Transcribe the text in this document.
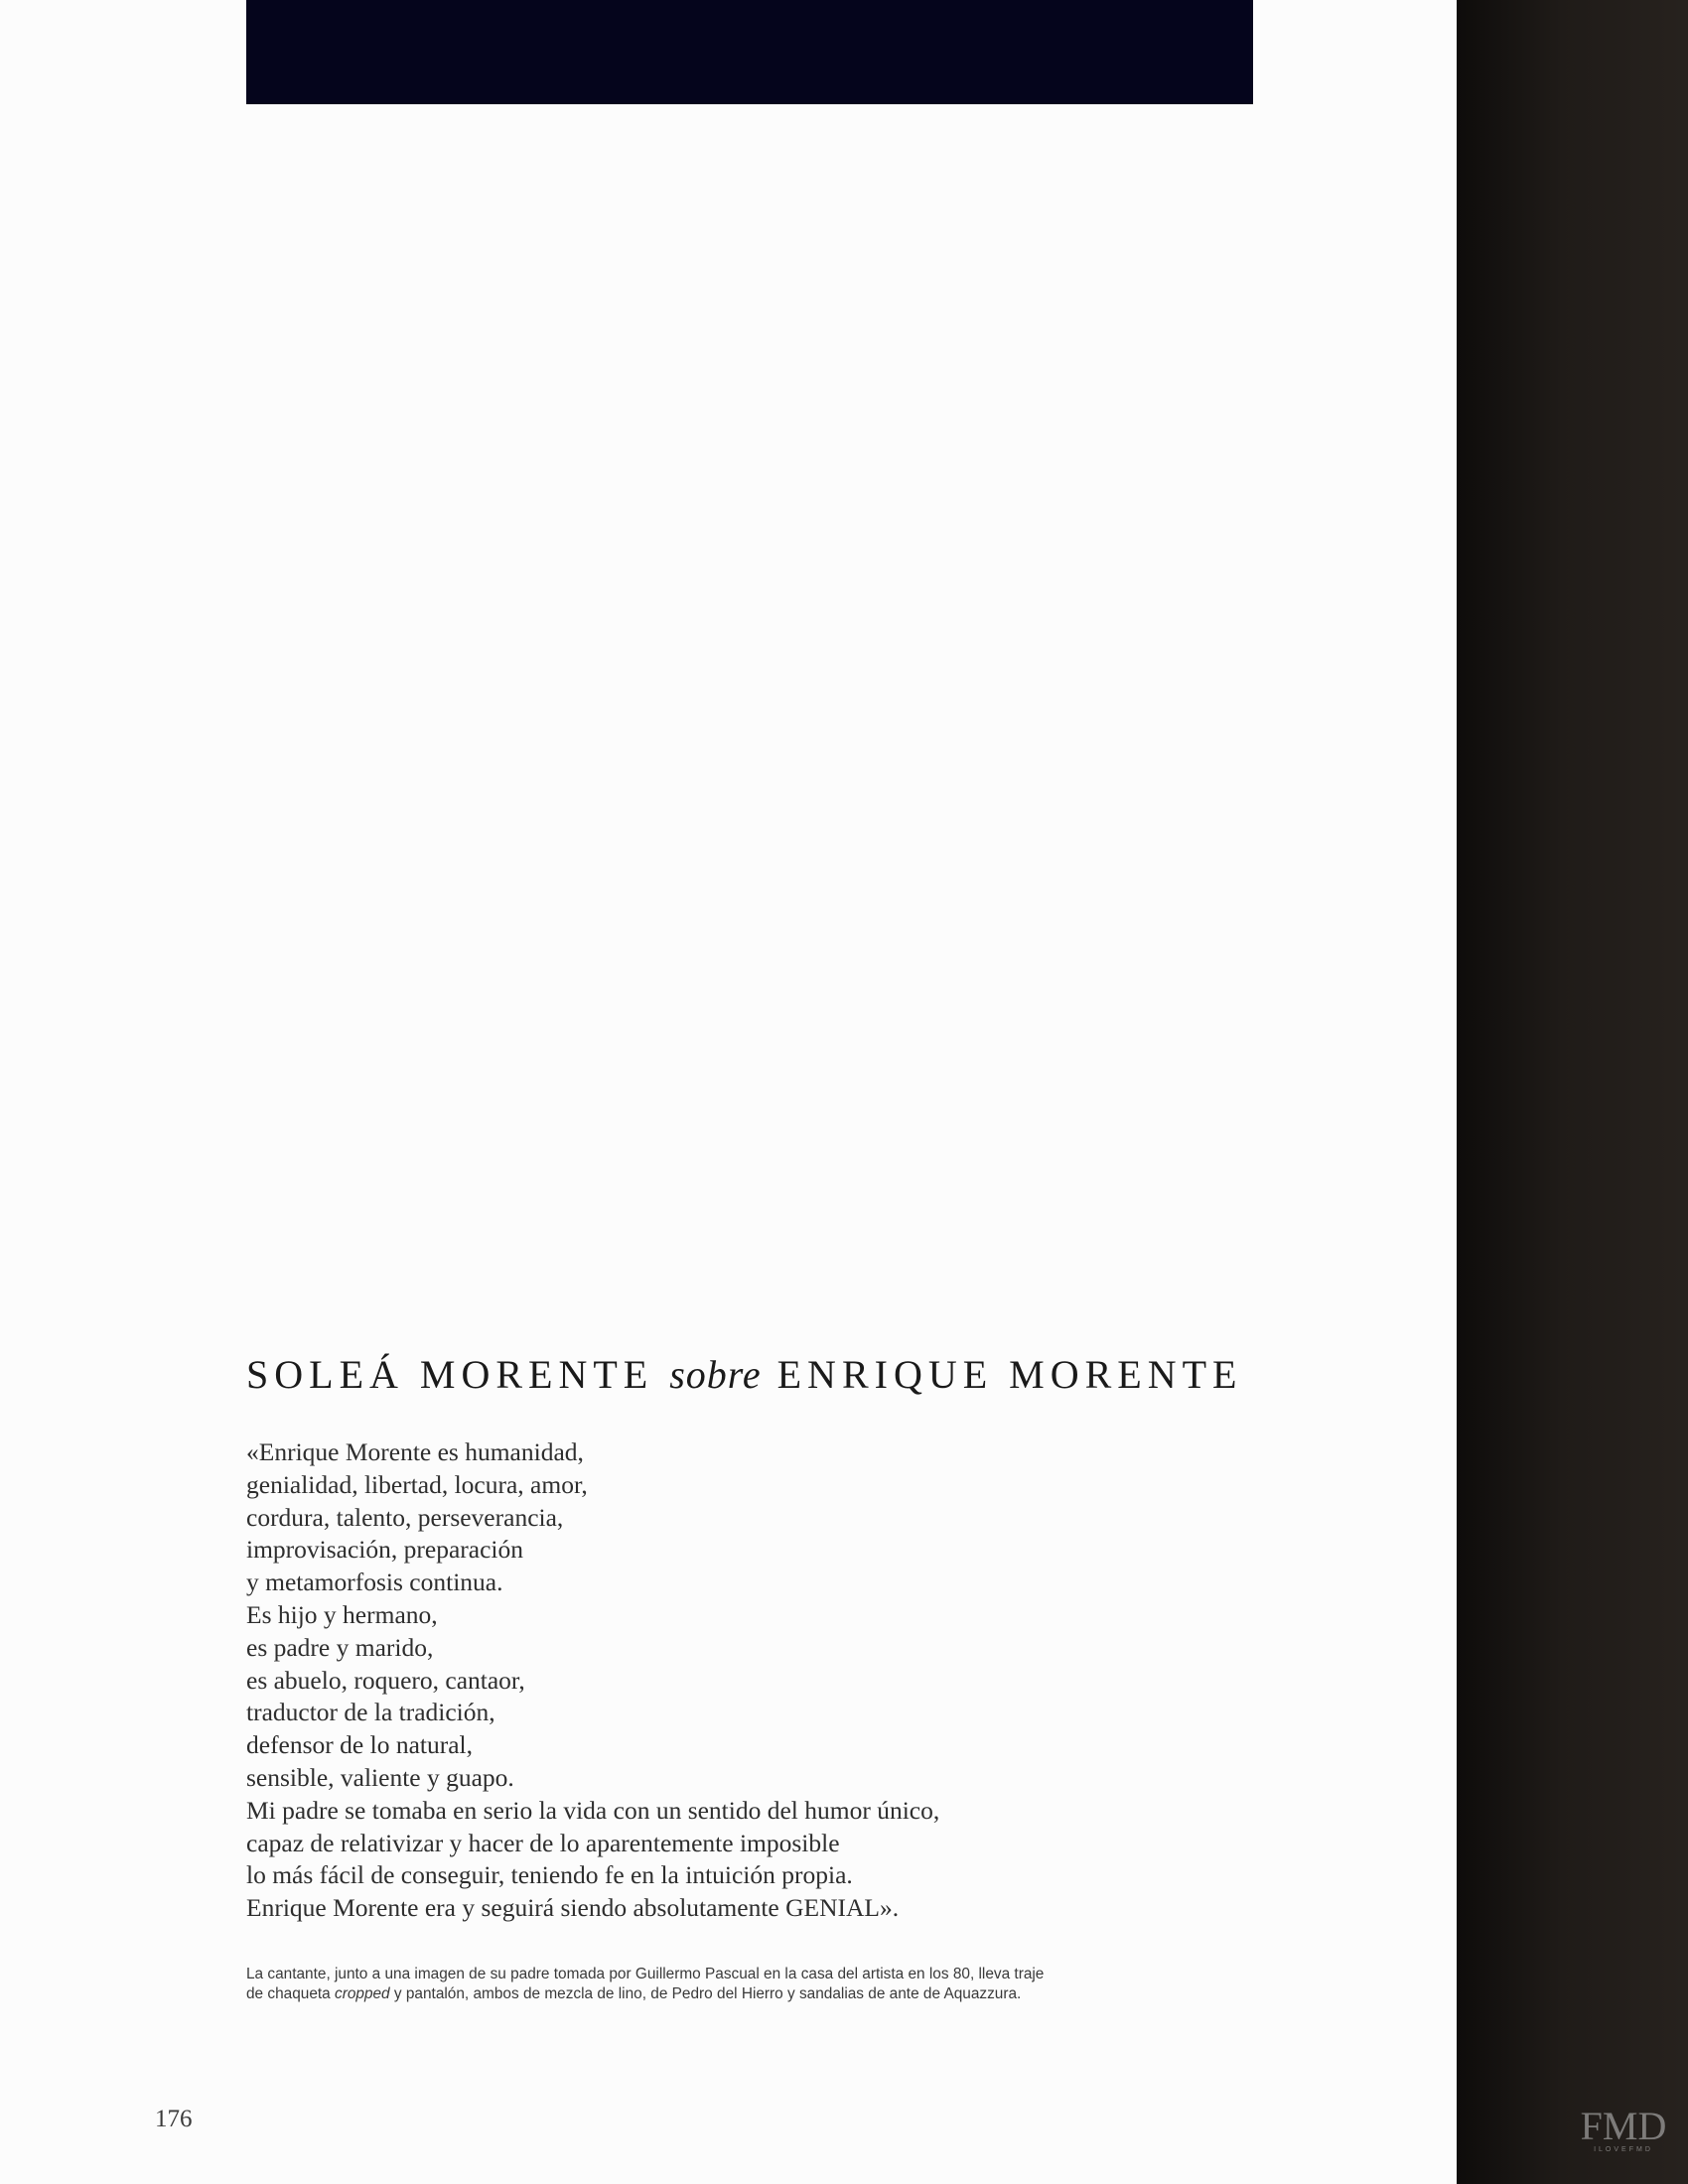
SOLEÁ MORENTE sobre ENRIQUE MORENTE
«Enrique Morente es humanidad,
genialidad, libertad, locura, amor,
cordura, talento, perseverancia,
improvisación, preparación
y metamorfosis continua.
Es hijo y hermano,
es padre y marido,
es abuelo, roquero, cantaor,
traductor de la tradición,
defensor de lo natural,
sensible, valiente y guapo.
Mi padre se tomaba en serio la vida con un sentido del humor único,
capaz de relativizar y hacer de lo aparentemente imposible
lo más fácil de conseguir, teniendo fe en la intuición propia.
Enrique Morente era y seguirá siendo absolutamente GENIAL».
La cantante, junto a una imagen de su padre tomada por Guillermo Pascual en la casa del artista en los 80, lleva traje
de chaqueta cropped y pantalón, ambos de mezcla de lino, de Pedro del Hierro y sandalias de ante de Aquazzura.
176	FMD
ILOVEFMD
